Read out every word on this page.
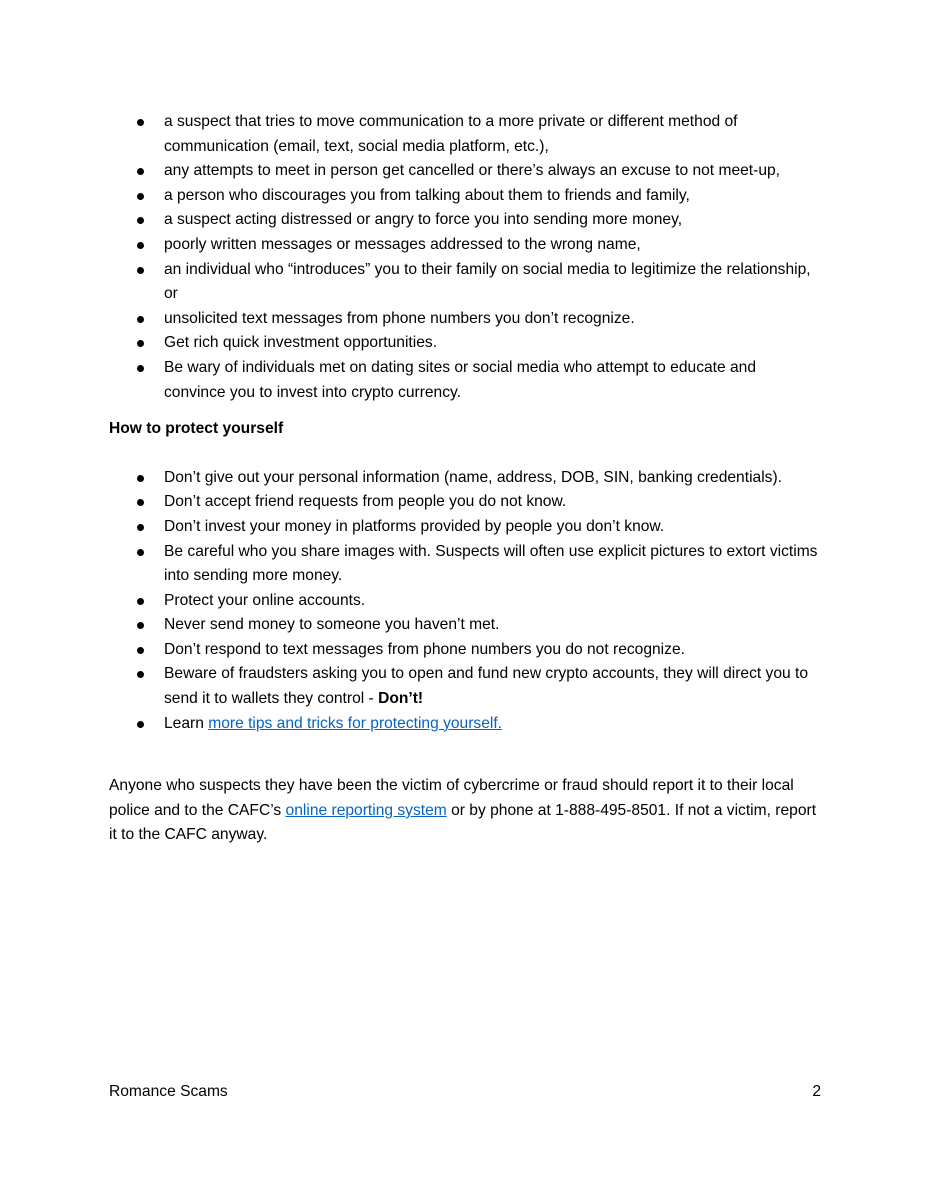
a suspect that tries to move communication to a more private or different method of communication (email, text, social media platform, etc.),
any attempts to meet in person get cancelled or there’s always an excuse to not meet-up,
a person who discourages you from talking about them to friends and family,
a suspect acting distressed or angry to force you into sending more money,
poorly written messages or messages addressed to the wrong name,
an individual who “introduces” you to their family on social media to legitimize the relationship, or
unsolicited text messages from phone numbers you don’t recognize.
Get rich quick investment opportunities.
Be wary of individuals met on dating sites or social media who attempt to educate and convince you to invest into crypto currency.
How to protect yourself
Don’t give out your personal information (name, address, DOB, SIN, banking credentials).
Don’t accept friend requests from people you do not know.
Don’t invest your money in platforms provided by people you don’t know.
Be careful who you share images with. Suspects will often use explicit pictures to extort victims into sending more money.
Protect your online accounts.
Never send money to someone you haven’t met.
Don’t respond to text messages from phone numbers you do not recognize.
Beware of fraudsters asking you to open and fund new crypto accounts, they will direct you to send it to wallets they control - Don’t!
Learn more tips and tricks for protecting yourself.

Anyone who suspects they have been the victim of cybercrime or fraud should report it to their local police and to the CAFC’s online reporting system or by phone at 1-888-495-8501. If not a victim, report it to the CAFC anyway.

Romance Scams	2
